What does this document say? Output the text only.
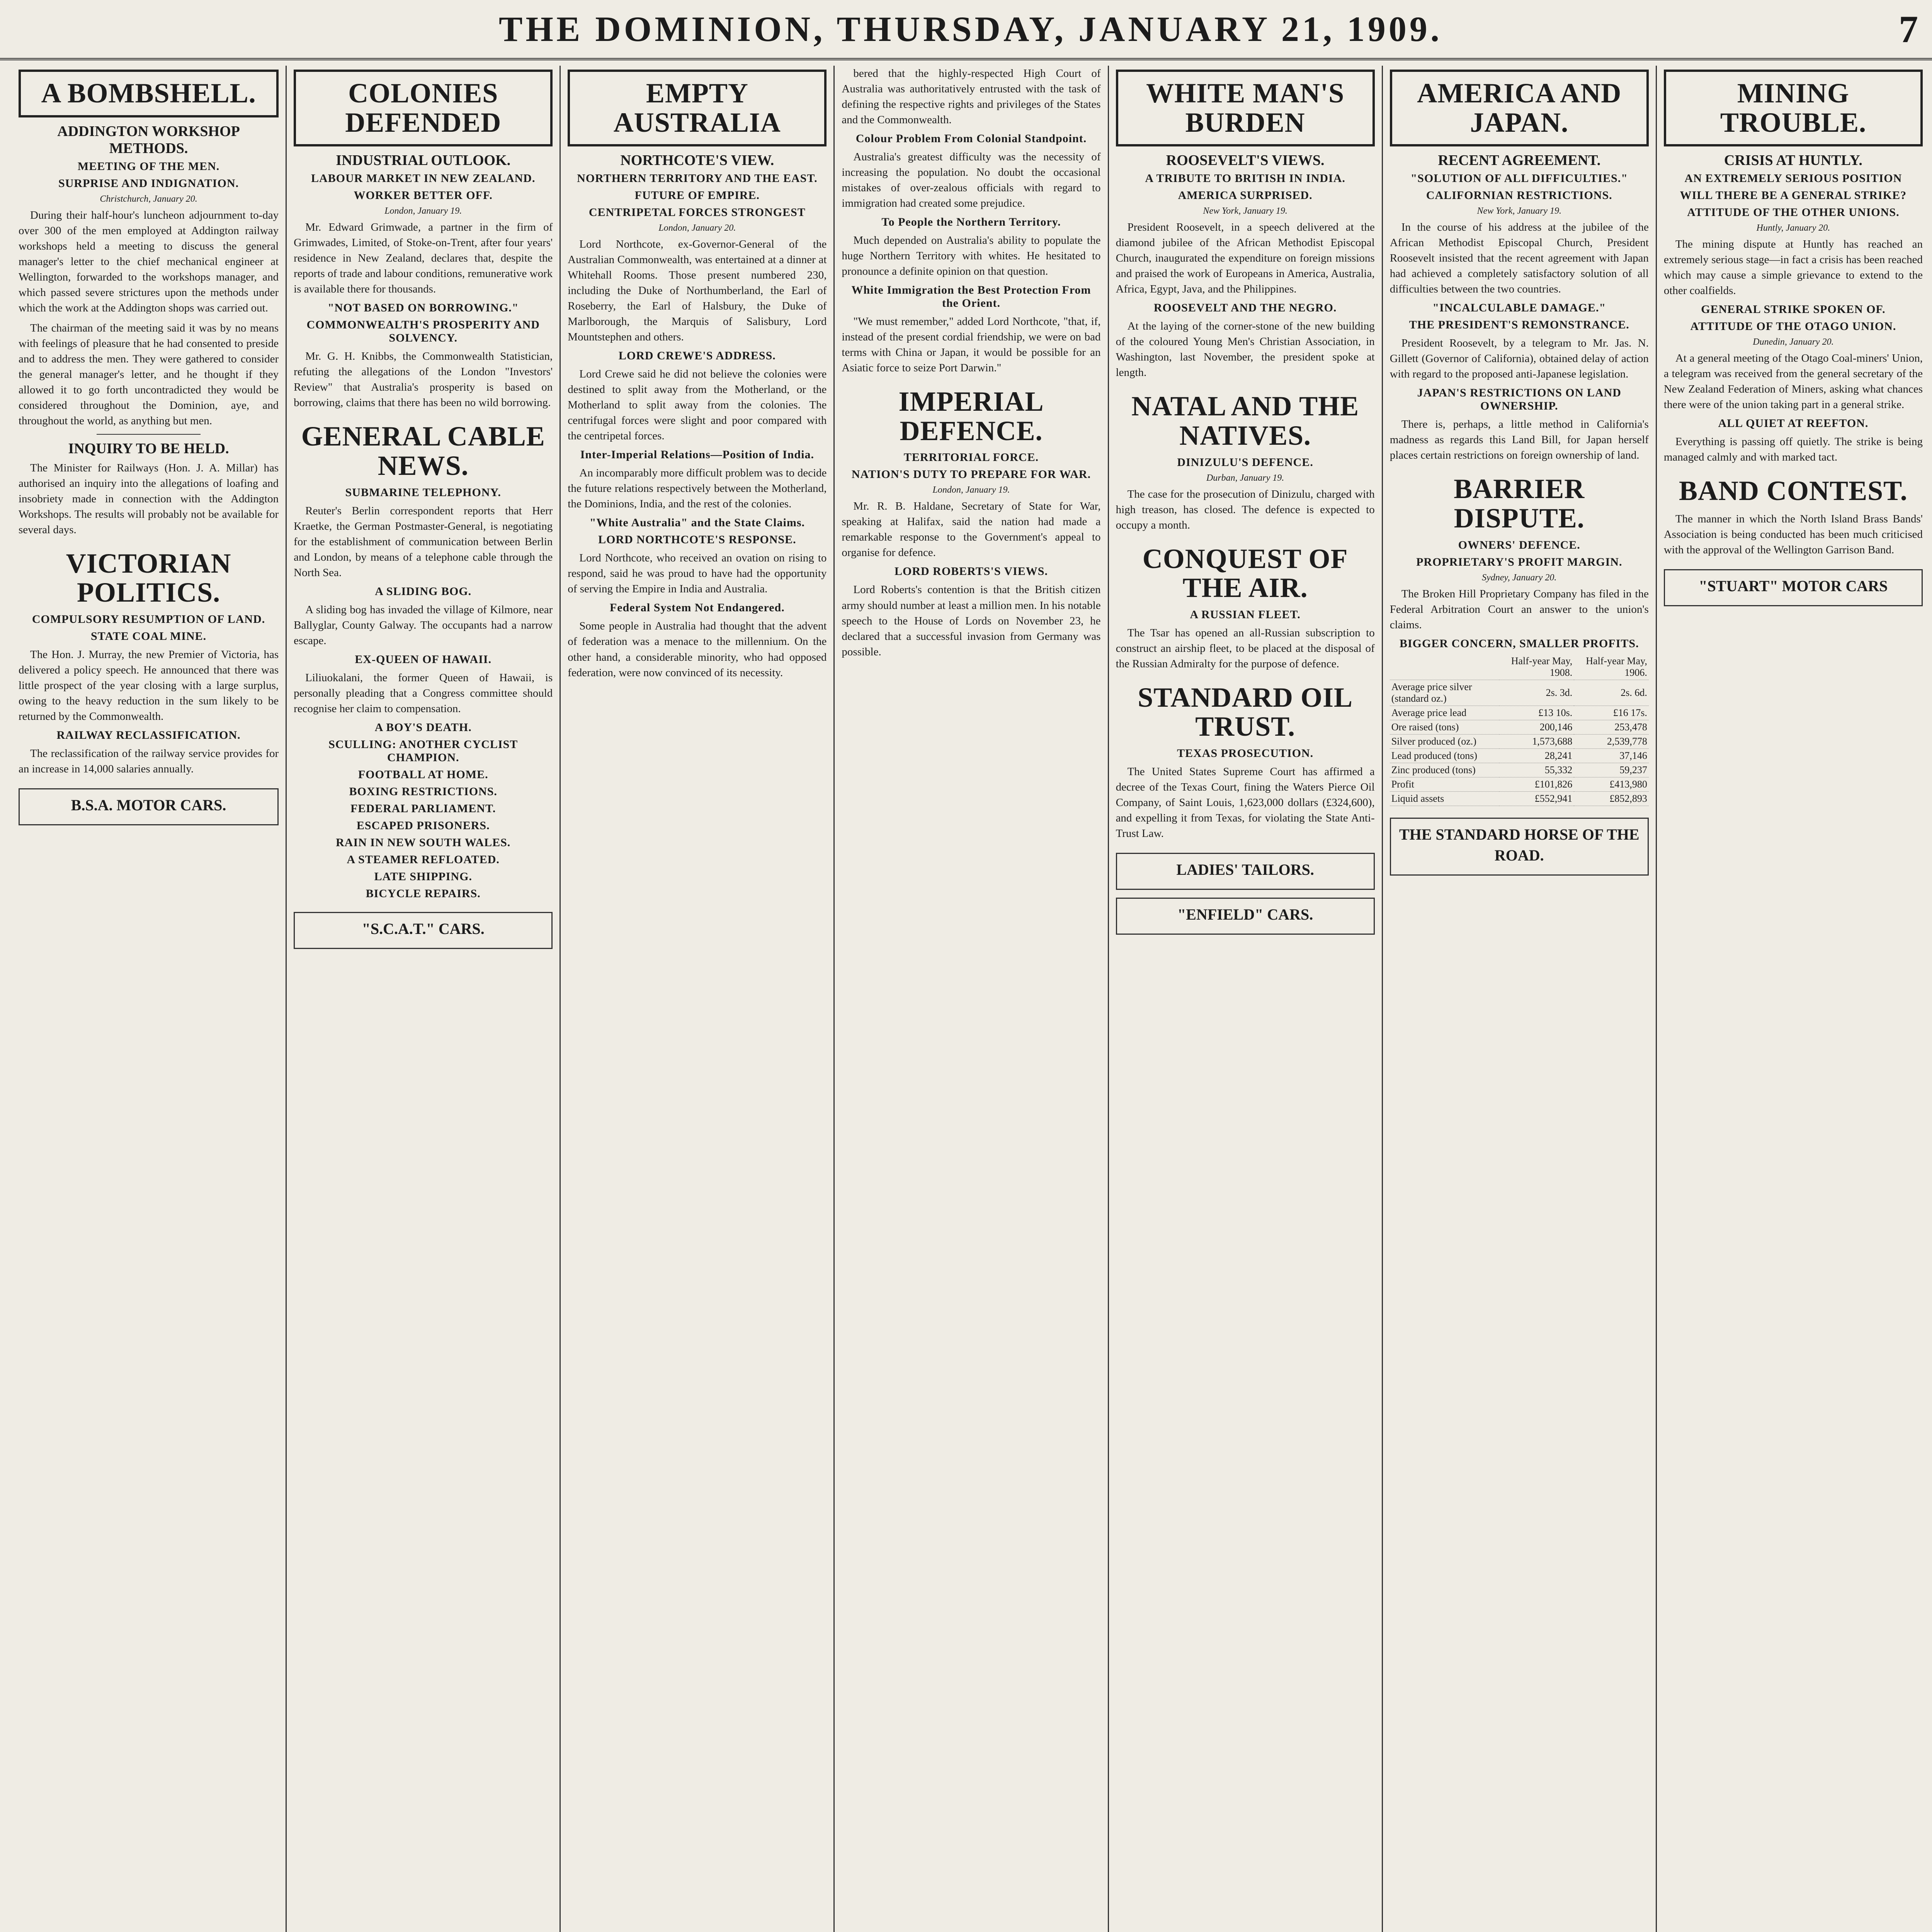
THE DOMINION, THURSDAY, JANUARY 21, 1909.	7
A BOMBSHELL.
ADDINGTON WORKSHOP METHODS.
MEETING OF THE MEN.
SURPRISE AND INDIGNATION.
Christchurch, January 20.

During their half-hour's luncheon adjournment to-day over 300 of the men employed at Addington railway workshops held a meeting to discuss the general manager's letter to the chief mechanical engineer at Wellington, forwarded to the workshops manager, and which passed severe strictures upon the methods under which the work at the Addington shops was carried out.

The chairman of the meeting said it was by no means with feelings of pleasure that he had consented to preside and to address the men. They were gathered to consider the general manager's letter, and he thought if they allowed it to go forth uncontradicted they would be considered throughout the Dominion, aye, and throughout the world, as anything but men.

INQUIRY TO BE HELD.

The Minister for Railways (Hon. J. A. Millar) has authorised an inquiry into the allegations of loafing and insobriety made in connection with the Addington Workshops. The results will probably not be available for several days.

VICTORIAN POLITICS.
COMPULSORY RESUMPTION OF LAND.
STATE COAL MINE.

The Hon. J. Murray, the new Premier of Victoria, has delivered a policy speech. He announced that there was little prospect of the year closing with a large surplus, owing to the heavy reduction in the sum likely to be returned by the Commonwealth.

RAILWAY RECLASSIFICATION.

The reclassification of the railway service provides for an increase in 14,000 salaries annually.

B.S.A. MOTOR CARS.
COLONIES DEFENDED
INDUSTRIAL OUTLOOK.
LABOUR MARKET IN NEW ZEALAND.
WORKER BETTER OFF.
London, January 19.

Mr. Edward Grimwade, a partner in the firm of Grimwades, Limited, of Stoke-on-Trent, after four years' residence in New Zealand, declares that, despite the reports of trade and labour conditions, remunerative work is available there for thousands.

"NOT BASED ON BORROWING."
COMMONWEALTH'S PROSPERITY AND SOLVENCY.

Mr. G. H. Knibbs, the Commonwealth Statistician, refuting the allegations of the London "Investors' Review" that Australia's prosperity is based on borrowing, claims that there has been no wild borrowing.

GENERAL CABLE NEWS.
SUBMARINE TELEPHONY.

Reuter's Berlin correspondent reports that Herr Kraetke, the German Postmaster-General, is negotiating for the establishment of communication between Berlin and London, by means of a telephone cable through the North Sea.

A SLIDING BOG.

A sliding bog has invaded the village of Kilmore, near Ballyglar, County Galway. The occupants had a narrow escape.

EX-QUEEN OF HAWAII.

Liliuokalani, the former Queen of Hawaii, is personally pleading that a Congress committee should recognise her claim to compensation.

A BOY'S DEATH.
SCULLING: ANOTHER CYCLIST CHAMPION.
FOOTBALL AT HOME.
BOXING RESTRICTIONS.
FEDERAL PARLIAMENT.
ESCAPED PRISONERS.
RAIN IN NEW SOUTH WALES.
A STEAMER REFLOATED.
LATE SHIPPING.
BICYCLE REPAIRS.
"S.C.A.T." CARS.
EMPTY AUSTRALIA
NORTHCOTE'S VIEW.
NORTHERN TERRITORY AND THE EAST.
FUTURE OF EMPIRE.
CENTRIPETAL FORCES STRONGEST
London, January 20.

Lord Northcote, ex-Governor-General of the Australian Commonwealth, was entertained at a dinner at Whitehall Rooms. Those present numbered 230, including the Duke of Northumberland, the Earl of Roseberry, the Earl of Halsbury, the Duke of Marlborough, the Marquis of Salisbury, Lord Mountstephen and others.

LORD CREWE'S ADDRESS.

Lord Crewe said he did not believe the colonies were destined to split away from the Motherland, or the Motherland to split away from the colonies. The centrifugal forces were slight and poor compared with the centripetal forces.

Inter-Imperial Relations—Position of India.

An incomparably more difficult problem was to decide the future relations respectively between the Motherland, the Dominions, India, and the rest of the colonies.

"White Australia" and the State Claims.
LORD NORTHCOTE'S RESPONSE.

Lord Northcote, who received an ovation on rising to respond, said he was proud to have had the opportunity of serving the Empire in India and Australia.

Federal System Not Endangered.

Some people in Australia had thought that the advent of federation was a menace to the millennium. On the other hand, a considerable minority, who had opposed federation, were now convinced of its necessity.

bered that the highly-respected High Court of Australia was authoritatively entrusted with the task of defining the respective rights and privileges of the States and the Commonwealth.

Colour Problem From Colonial Standpoint.

Australia's greatest difficulty was the necessity of increasing the population. No doubt the occasional mistakes of over-zealous officials with regard to immigration had created some prejudice.

To People the Northern Territory.

Much depended on Australia's ability to populate the huge Northern Territory with whites. He hesitated to pronounce a definite opinion on that question.

White Immigration the Best Protection From the Orient.

"We must remember," added Lord Northcote, "that, if, instead of the present cordial friendship, we were on bad terms with China or Japan, it would be possible for an Asiatic force to seize Port Darwin."

IMPERIAL DEFENCE.
TERRITORIAL FORCE.
NATION'S DUTY TO PREPARE FOR WAR.
London, January 19.

Mr. R. B. Haldane, Secretary of State for War, speaking at Halifax, said the nation had made a remarkable response to the Government's appeal to organise for defence.

LORD ROBERTS'S VIEWS.

Lord Roberts's contention is that the British citizen army should number at least a million men. In his notable speech to the House of Lords on November 23, he declared that a successful invasion from Germany was possible.

WHITE MAN'S BURDEN
ROOSEVELT'S VIEWS.
A TRIBUTE TO BRITISH IN INDIA.
AMERICA SURPRISED.
New York, January 19.

President Roosevelt, in a speech delivered at the diamond jubilee of the African Methodist Episcopal Church, inaugurated the expenditure on foreign missions and praised the work of Europeans in America, Australia, Africa, Egypt, Java, and the Philippines.

ROOSEVELT AND THE NEGRO.

At the laying of the corner-stone of the new building of the coloured Young Men's Christian Association, in Washington, last November, the president spoke at length.

NATAL AND THE NATIVES.
DINIZULU'S DEFENCE.
Durban, January 19.

The case for the prosecution of Dinizulu, charged with high treason, has closed. The defence is expected to occupy a month.

CONQUEST OF THE AIR.
A RUSSIAN FLEET.

The Tsar has opened an all-Russian subscription to construct an airship fleet, to be placed at the disposal of the Russian Admiralty for the purpose of defence.

STANDARD OIL TRUST.
TEXAS PROSECUTION.

The United States Supreme Court has affirmed a decree of the Texas Court, fining the Waters Pierce Oil Company, of Saint Louis, 1,623,000 dollars (£324,600), and expelling it from Texas, for violating the State Anti-Trust Law.

LADIES' TAILORS.
"ENFIELD" CARS.
AMERICA AND JAPAN.
RECENT AGREEMENT.
"SOLUTION OF ALL DIFFICULTIES."
CALIFORNIAN RESTRICTIONS.
New York, January 19.

In the course of his address at the jubilee of the African Methodist Episcopal Church, President Roosevelt insisted that the recent agreement with Japan had achieved a completely satisfactory solution of all difficulties between the two countries.

"INCALCULABLE DAMAGE."
THE PRESIDENT'S REMONSTRANCE.

President Roosevelt, by a telegram to Mr. Jas. N. Gillett (Governor of California), obtained delay of action with regard to the proposed anti-Japanese legislation.

JAPAN'S RESTRICTIONS ON LAND OWNERSHIP.

There is, perhaps, a little method in California's madness as regards this Land Bill, for Japan herself places certain restrictions on foreign ownership of land.

BARRIER DISPUTE.
OWNERS' DEFENCE.
PROPRIETARY'S PROFIT MARGIN.
Sydney, January 20.

The Broken Hill Proprietary Company has filed in the Federal Arbitration Court an answer to the union's claims.

BIGGER CONCERN, SMALLER PROFITS.
	Half-year May, 1908.	Half-year May, 1906.
Average price silver (standard oz.)	2s. 3d.	2s. 6d.
Average price lead	£13 10s.	£16 17s.
Ore raised (tons)	200,146	253,478
Silver produced (oz.)	1,573,688	2,539,778
Lead produced (tons)	28,241	37,146
Zinc produced (tons)	55,332	59,237
Profit	£101,826	£413,980
Liquid assets	£552,941	£852,893
THE STANDARD HORSE OF THE ROAD.
MINING TROUBLE.
CRISIS AT HUNTLY.
AN EXTREMELY SERIOUS POSITION
WILL THERE BE A GENERAL STRIKE?
ATTITUDE OF THE OTHER UNIONS.
Huntly, January 20.

The mining dispute at Huntly has reached an extremely serious stage—in fact a crisis has been reached which may cause a simple grievance to extend to the other coalfields.

GENERAL STRIKE SPOKEN OF.
ATTITUDE OF THE OTAGO UNION.
Dunedin, January 20.

At a general meeting of the Otago Coal-miners' Union, a telegram was received from the general secretary of the New Zealand Federation of Miners, asking what chances there were of the union taking part in a general strike.

ALL QUIET AT REEFTON.

Everything is passing off quietly. The strike is being managed calmly and with marked tact.

BAND CONTEST.

The manner in which the North Island Brass Bands' Association is being conducted has been much criticised with the approval of the Wellington Garrison Band.

"STUART" MOTOR CARS
